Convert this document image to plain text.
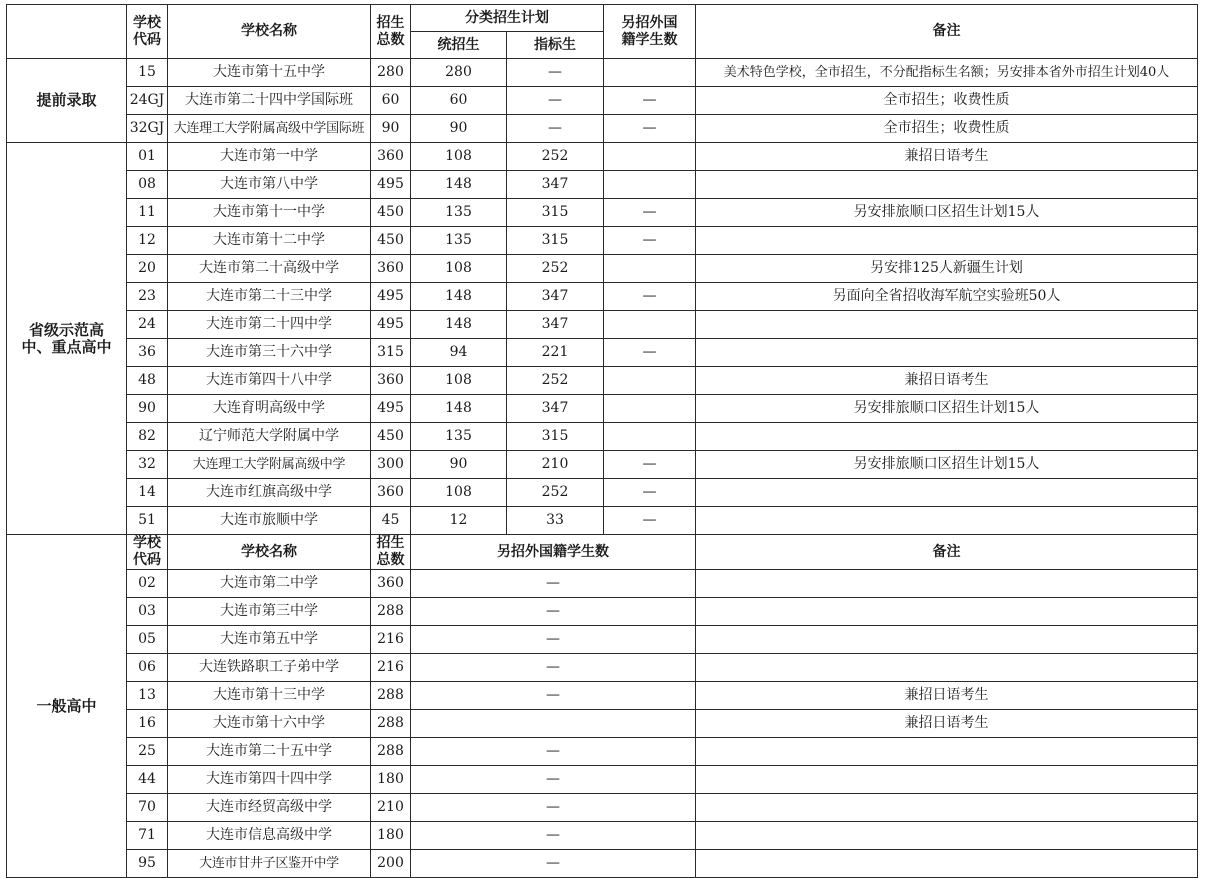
	学校
代码	学校名称	招生
总数	分类招生计划		另招外国
籍学生数	备注
				统招生	指标生		
提前录取	15	大连市第十五中学	280	280	—		美术特色学校，全市招生，不分配指标生名额；另安排本省外市招生计划40人
	24GJ	大连市第二十四中学国际班	60	60	—	—	全市招生；收费性质
	32GJ	大连理工大学附属高级中学国际班	90	90	—	—	全市招生；收费性质

省级示范高
中、重点高中	01	大连市第一中学	360	108	252		兼招日语考生
	08	大连市第八中学	495	148	347		
	11	大连市第十一中学	450	135	315	—	另安排旅顺口区招生计划15人
	12	大连市第十二中学	450	135	315	—	
	20	大连市第二十高级中学	360	108	252		另安排125人新疆生计划
	23	大连市第二十三中学	495	148	347	—	另面向全省招收海军航空实验班50人
	24	大连市第二十四中学	495	148	347		
	36	大连市第三十六中学	315	94	221	—	
	48	大连市第四十八中学	360	108	252		兼招日语考生
	90	大连育明高级中学	495	148	347		另安排旅顺口区招生计划15人
	82	辽宁师范大学附属中学	450	135	315		
	32	大连理工大学附属高级中学	300	90	210	—	另安排旅顺口区招生计划15人
	14	大连市红旗高级中学	360	108	252	—	
	51	大连市旅顺中学	45	12	33	—	
一般高中	学校
代码	学校名称	招生
总数	另招外国籍学生数			备注

	02	大连市第二中学	360	—			
	03	大连市第三中学	288	—			
	05	大连市第五中学	216	—			
	06	大连铁路职工子弟中学	216	—			
	13	大连市第十三中学	288	—			兼招日语考生
	16	大连市第十六中学	288				兼招日语考生
	25	大连市第二十五中学	288	—			
	44	大连市第四十四中学	180	—			
	70	大连市经贸高级中学	210	—			
	71	大连市信息高级中学	180	—			
	95	大连市甘井子区鉴开中学	200	—			
